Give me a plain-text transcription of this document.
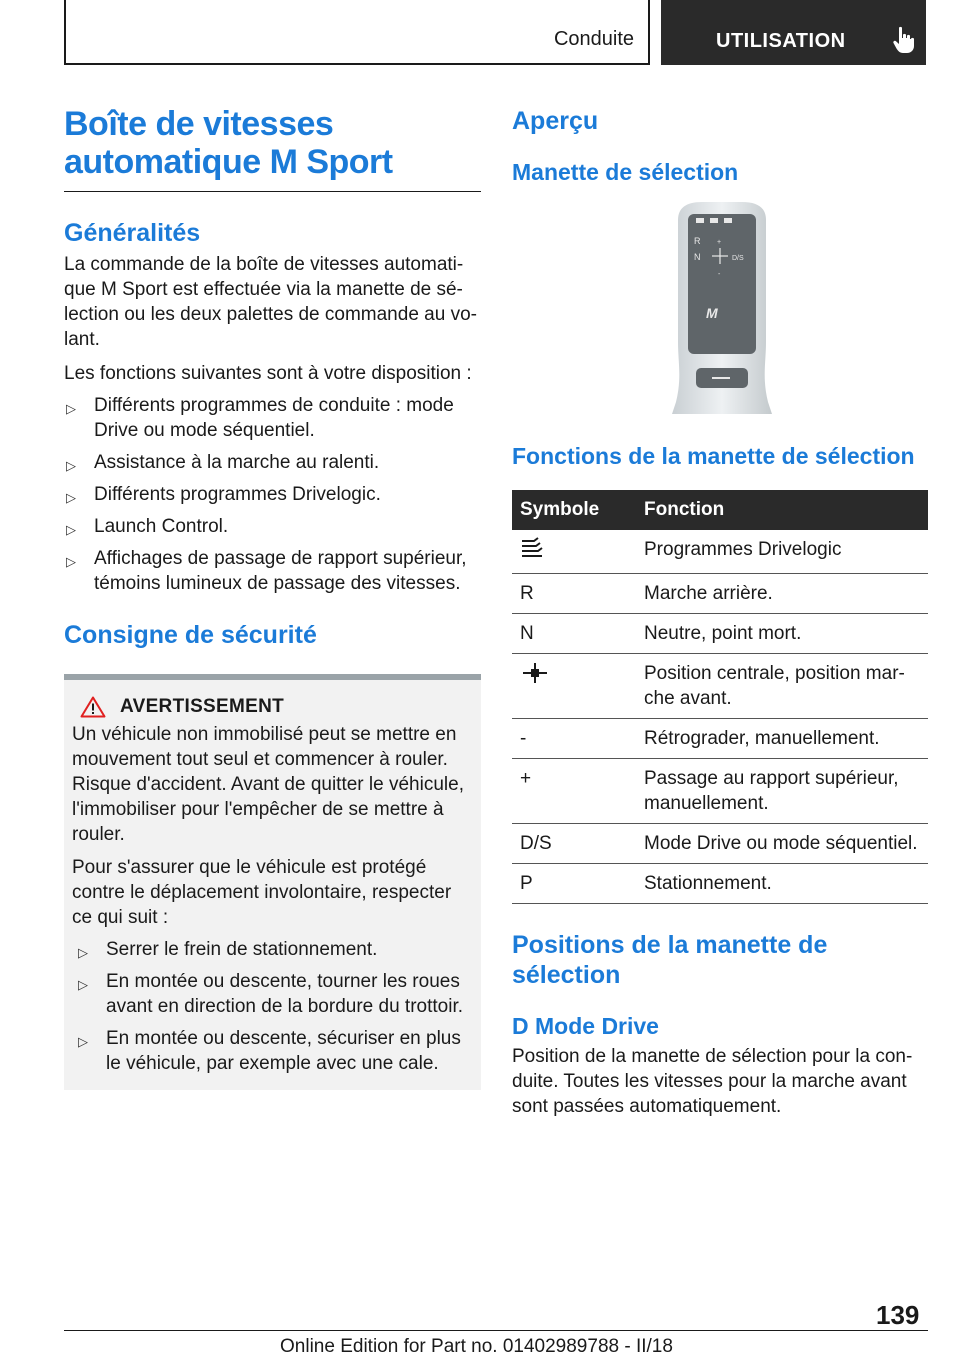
Conduite	UTILISATION
Boîte de vitesses
automatique M Sport
Généralités

La commande de la boîte de vitesses automati-que M Sport est effectuée via la manette de sé-lection ou les deux palettes de commande au vo-lant.

Les fonctions suivantes sont à votre disposition :

▷ Différents programmes de conduite : mode Drive ou mode séquentiel.
▷ Assistance à la marche au ralenti.
▷ Différents programmes Drivelogic.
▷ Launch Control.
▷ Affichages de passage de rapport supérieur, témoins lumineux de passage des vitesses.
Consigne de sécurité
AVERTISSEMENT

Un véhicule non immobilisé peut se mettre en mouvement tout seul et commencer à rouler. Risque d'accident. Avant de quitter le véhicule, l'immobiliser pour l'empêcher de se mettre à rouler.

Pour s'assurer que le véhicule est protégé contre le déplacement involontaire, respecter ce qui suit :

▷ Serrer le frein de stationnement.
▷ En montée ou descente, tourner les roues avant en direction de la bordure du trottoir.
▷ En montée ou descente, sécuriser en plus le véhicule, par exemple avec une cale.
Aperçu
Manette de sélection
R
N	D/S
+
-
M
Fonctions de la manette de sélection
Symbole	Fonction
	Programmes Drivelogic
R	Marche arrière.
N	Neutre, point mort.
	Position centrale, position mar-che avant.
-	Rétrograder, manuellement.
+	Passage au rapport supérieur, manuellement.
D/S	Mode Drive ou mode séquentiel.
P	Stationnement.
Positions de la manette de sélection
D Mode Drive

Position de la manette de sélection pour la con-duite. Toutes les vitesses pour la marche avant sont passées automatiquement.

139
Online Edition for Part no. 01402989788 - II/18
